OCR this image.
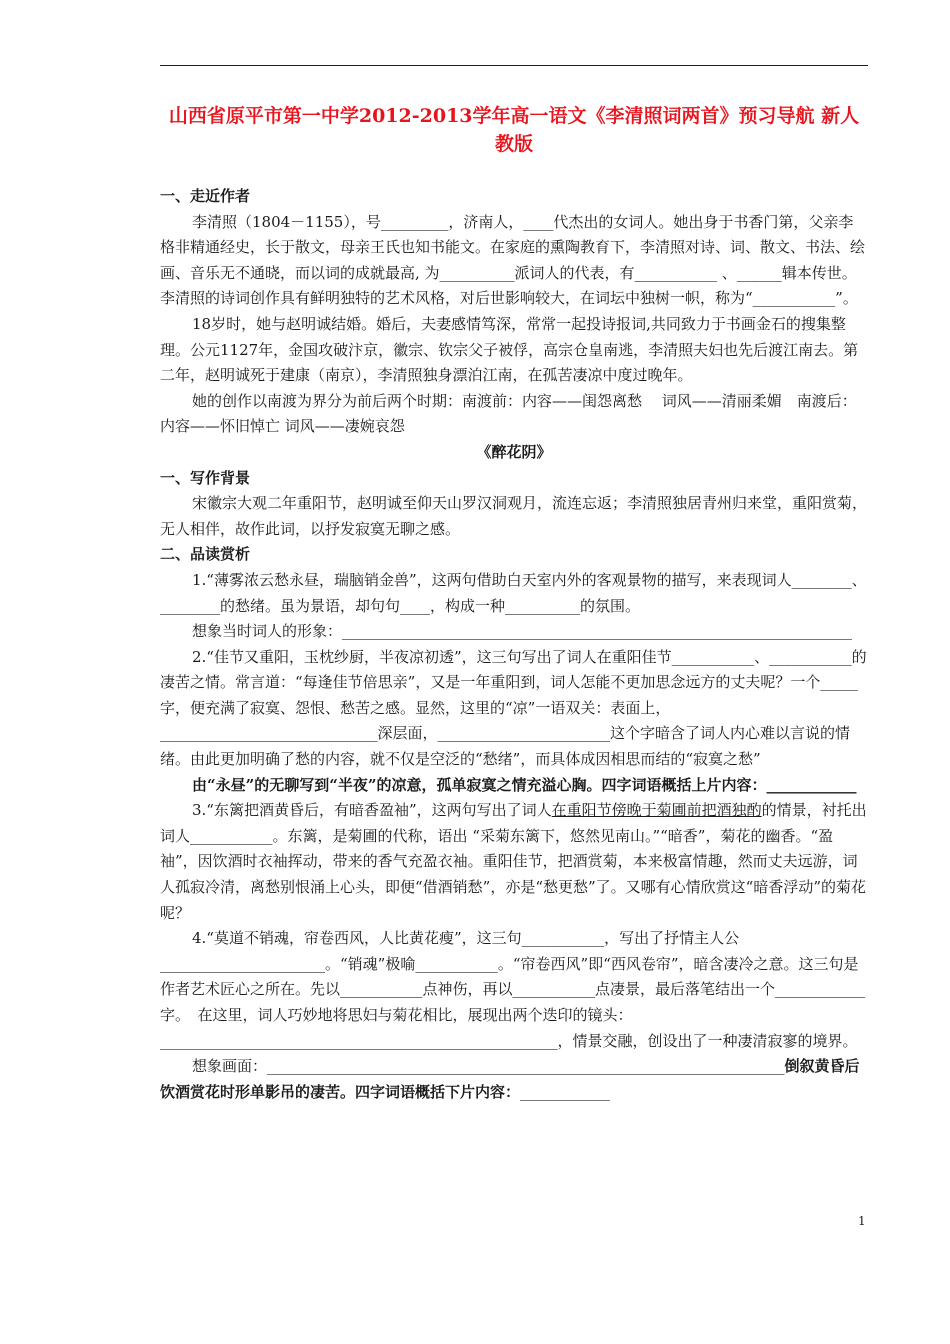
山西省原平市第一中学2012-2013学年高一语文《李清照词两首》预习导航 新人教版

一、走近作者

李清照（1804－1155），号_________，济南人，____代杰出的女词人。她出身于书香门第，父亲李格非精通经史，长于散文，母亲王氏也知书能文。在家庭的熏陶教育下，李清照对诗、词、散文、书法、绘画、音乐无不通晓，而以词的成就最高, 为__________派词人的代表，有___________ 、______辑本传世。李清照的诗词创作具有鲜明独特的艺术风格，对后世影响较大，在词坛中独树一帜，称为“___________”。

18岁时，她与赵明诚结婚。婚后，夫妻感情笃深，常常一起投诗报词,共同致力于书画金石的搜集整理。公元1127年，金国攻破汴京，徽宗、钦宗父子被俘，高宗仓皇南逃，李清照夫妇也先后渡江南去。第二年，赵明诚死于建康（南京），李清照独身漂泊江南，在孤苦凄凉中度过晚年。

她的创作以南渡为界分为前后两个时期：南渡前：内容——闺怨离愁　 词风——清丽柔媚　南渡后：内容——怀旧悼亡 词风——凄婉哀怨

《醉花阴》

一、写作背景

宋徽宗大观二年重阳节，赵明诚至仰天山罗汉洞观月，流连忘返；李清照独居青州归来堂，重阳赏菊，无人相伴，故作此词，以抒发寂寞无聊之感。

二、品读赏析

1.“薄雾浓云愁永昼，瑞脑销金兽”，这两句借助白天室内外的客观景物的描写，来表现词人________、________的愁绪。虽为景语，却句句____，构成一种__________的氛围。

想象当时词人的形象：____________________________________________________________________

2.“佳节又重阳，玉枕纱厨，半夜凉初透”，这三句写出了词人在重阳佳节___________、___________的凄苦之情。常言道：“每逢佳节倍思亲”，又是一年重阳到，词人怎能不更加思念远方的丈夫呢？一个_____字，便充满了寂寞、怨恨、愁苦之感。显然，这里的“凉”一语双关：表面上，_____________________________深层面，_______________________这个字暗含了词人内心难以言说的情绪。由此更加明确了愁的内容，就不仅是空泛的“愁绪”，而具体成因相思而结的“寂寞之愁”

由“永昼”的无聊写到“半夜”的凉意，孤单寂寞之情充溢心胸。四字词语概括上片内容：____________

3.“东篱把酒黄昏后，有暗香盈袖”，这两句写出了词人在重阳节傍晚于菊圃前把酒独酌的情景，衬托出词人___________。东篱，是菊圃的代称，语出 “采菊东篱下，悠然见南山。”“暗香”，菊花的幽香。“盈袖”，因饮酒时衣袖挥动，带来的香气充盈衣袖。重阳佳节，把酒赏菊，本来极富情趣，然而丈夫远游，词人孤寂冷清，离愁别恨涌上心头，即便“借酒销愁”，亦是“愁更愁”了。又哪有心情欣赏这“暗香浮动”的菊花呢？

4.“莫道不销魂，帘卷西风，人比黄花瘦”，这三句___________，写出了抒情主人公______________________。“销魂”极喻___________。“帘卷西风”即“西风卷帘”，暗含凄冷之意。这三句是作者艺术匠心之所在。先以___________点神伤，再以___________点凄景，最后落笔结出一个____________字。　在这里，词人巧妙地将思妇与菊花相比，展现出两个迭印的镜头：_____________________________________________________，情景交融，创设出了一种凄清寂寥的境界。

想象画面：_____________________________________________________________________倒叙黄昏后饮酒赏花时形单影吊的凄苦。四字词语概括下片内容：____________

1
